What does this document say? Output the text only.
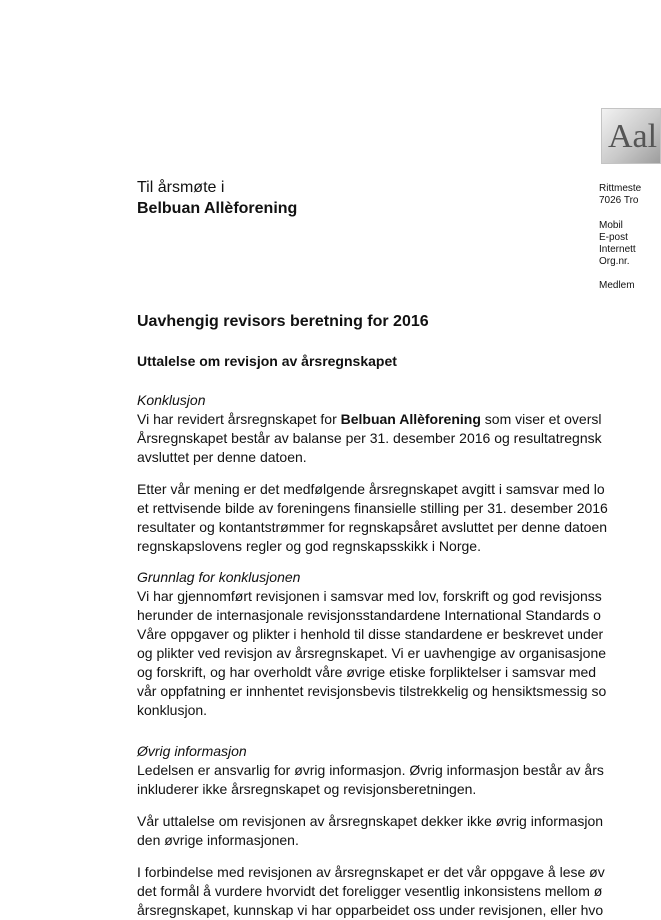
Aal

Rittmeste

7026 Tro

Mobil

E-post

Internett

Org.nr.

Medlem

Til årsmøte i
Belbuan Allèforening
Uavhengig revisors beretning for 2016
Uttalelse om revisjon av årsregnskapet
Konklusjon
Vi har revidert årsregnskapet for Belbuan Allèforening som viser et oversl
Årsregnskapet består av balanse per 31. desember 2016 og resultatregnsk
avsluttet per denne datoen.
Etter vår mening er det medfølgende årsregnskapet avgitt i samsvar med lo
et rettvisende bilde av foreningens finansielle stilling per 31. desember 2016
resultater og kontantstrømmer for regnskapsåret avsluttet per denne datoen
regnskapslovens regler og god regnskapsskikk i Norge.
Grunnlag for konklusjonen
Vi har gjennomført revisjonen i samsvar med lov, forskrift og god revisjonss
herunder de internasjonale revisjonsstandardene International Standards o
Våre oppgaver og plikter i henhold til disse standardene er beskrevet under
og plikter ved revisjon av årsregnskapet. Vi er uavhengige av organisasjone
og forskrift, og har overholdt våre øvrige etiske forpliktelser i samsvar med
vår oppfatning er innhentet revisjonsbevis tilstrekkelig og hensiktsmessig so
konklusjon.
Øvrig informasjon
Ledelsen er ansvarlig for øvrig informasjon. Øvrig informasjon består av års
inkluderer ikke årsregnskapet og revisjonsberetningen.
Vår uttalelse om revisjonen av årsregnskapet dekker ikke øvrig informasjon
den øvrige informasjonen.
I forbindelse med revisjonen av årsregnskapet er det vår oppgave å lese øv
det formål å vurdere hvorvidt det foreligger vesentlig inkonsistens mellom ø
årsregnskapet, kunnskap vi har opparbeidet oss under revisjonen, eller hvo
